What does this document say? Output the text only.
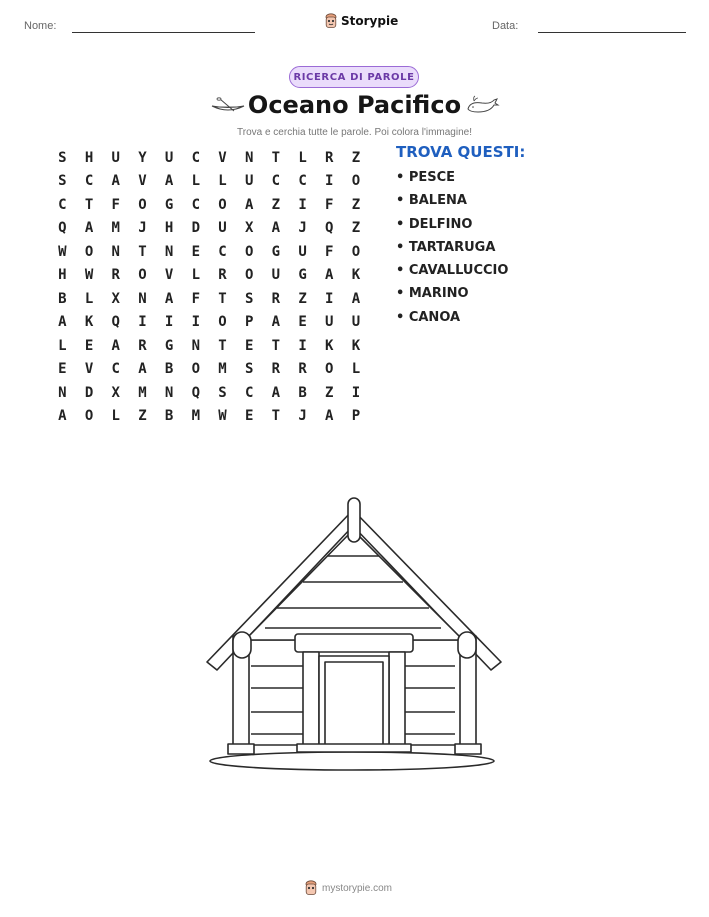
Nome:	Storypie	Data:
RICERCA DI PAROLE
Oceano Pacifico
Trova e cerchia tutte le parole. Poi colora l'immagine!
S	H	U	Y	U	C	V	N	T	L	R	Z
S	C	A	V	A	L	L	U	C	C	I	O
C	T	F	O	G	C	O	A	Z	I	F	Z
Q	A	M	J	H	D	U	X	A	J	Q	Z
W	O	N	T	N	E	C	O	G	U	F	O
H	W	R	O	V	L	R	O	U	G	A	K
B	L	X	N	A	F	T	S	R	Z	I	A
A	K	Q	I	I	I	O	P	A	E	U	U
L	E	A	R	G	N	T	E	T	I	K	K
E	V	C	A	B	O	M	S	R	R	O	L
N	D	X	M	N	Q	S	C	A	B	Z	I
A	O	L	Z	B	M	W	E	T	J	A	P
TROVA QUESTI:
• PESCE
• BALENA
• DELFINO
• TARTARUGA
• CAVALLUCCIO
• MARINO
• CANOA
mystorypie.com
